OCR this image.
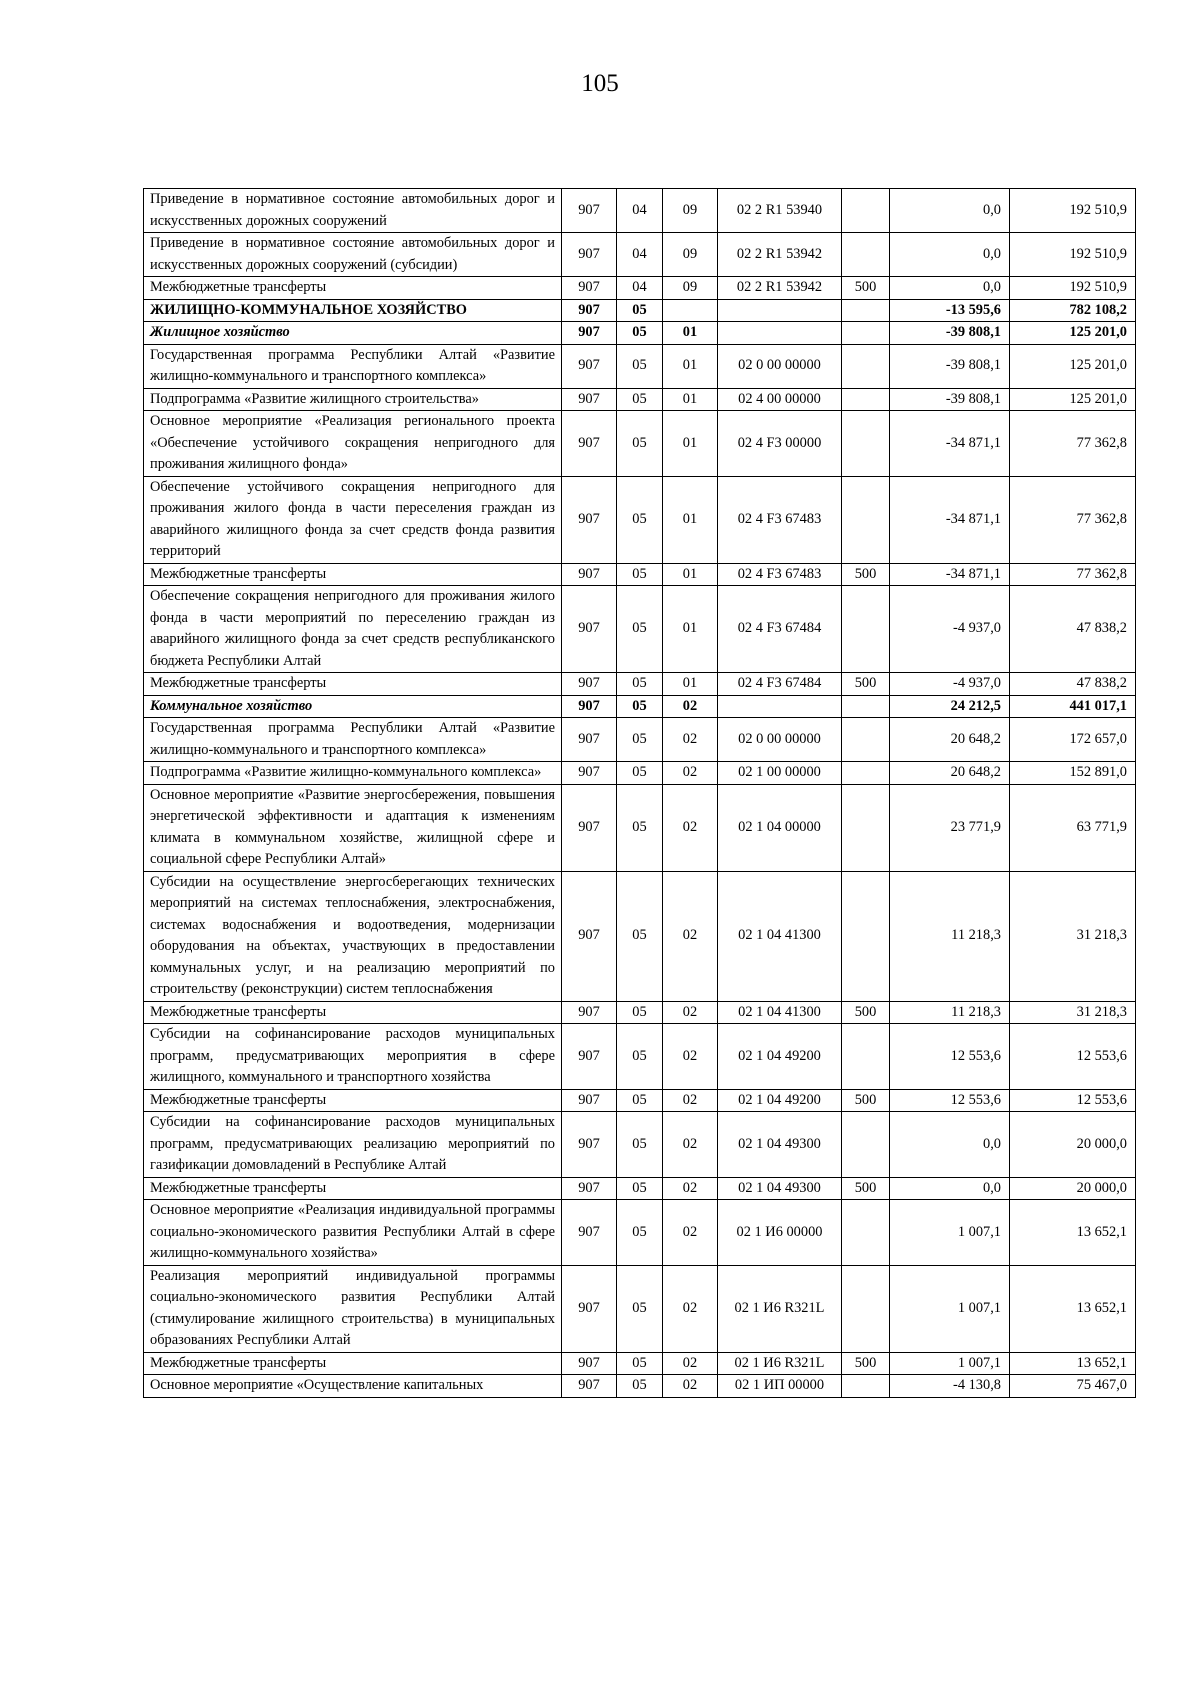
105
Приведение в нормативное состояние автомобильных дорог и искусственных дорожных сооружений	907	04	09	02 2 R1 53940		0,0	192 510,9
Приведение в нормативное состояние автомобильных дорог и искусственных дорожных сооружений (субсидии)	907	04	09	02 2 R1 53942		0,0	192 510,9
Межбюджетные трансферты	907	04	09	02 2 R1 53942	500	0,0	192 510,9
ЖИЛИЩНО-КОММУНАЛЬНОЕ ХОЗЯЙСТВО	907	05				-13 595,6	782 108,2
Жилищное хозяйство	907	05	01			-39 808,1	125 201,0
Государственная программа Республики Алтай «Развитие жилищно-коммунального и транспортного комплекса»	907	05	01	02 0 00 00000		-39 808,1	125 201,0
Подпрограмма «Развитие жилищного строительства»	907	05	01	02 4 00 00000		-39 808,1	125 201,0
Основное мероприятие «Реализация регионального проекта «Обеспечение устойчивого сокращения непригодного для проживания жилищного фонда»	907	05	01	02 4 F3 00000		-34 871,1	77 362,8
Обеспечение устойчивого сокращения непригодного для проживания жилого фонда в части переселения граждан из аварийного жилищного фонда за счет средств фонда развития территорий	907	05	01	02 4 F3 67483		-34 871,1	77 362,8
Межбюджетные трансферты	907	05	01	02 4 F3 67483	500	-34 871,1	77 362,8
Обеспечение сокращения непригодного для проживания жилого фонда в части мероприятий по переселению граждан из аварийного жилищного фонда за счет средств республиканского бюджета Республики Алтай	907	05	01	02 4 F3 67484		-4 937,0	47 838,2
Межбюджетные трансферты	907	05	01	02 4 F3 67484	500	-4 937,0	47 838,2
Коммунальное хозяйство	907	05	02			24 212,5	441 017,1
Государственная программа Республики Алтай «Развитие жилищно-коммунального и транспортного комплекса»	907	05	02	02 0 00 00000		20 648,2	172 657,0
Подпрограмма «Развитие жилищно-коммунального комплекса»	907	05	02	02 1 00 00000		20 648,2	152 891,0
Основное мероприятие «Развитие энергосбережения, повышения энергетической эффективности и адаптация к изменениям климата в коммунальном хозяйстве, жилищной сфере и социальной сфере Республики Алтай»	907	05	02	02 1 04 00000		23 771,9	63 771,9
Субсидии на осуществление энергосберегающих технических мероприятий на системах теплоснабжения, электроснабжения, системах водоснабжения и водоотведения, модернизации оборудования на объектах, участвующих в предоставлении коммунальных услуг, и на реализацию мероприятий по строительству (реконструкции) систем теплоснабжения	907	05	02	02 1 04 41300		11 218,3	31 218,3
Межбюджетные трансферты	907	05	02	02 1 04 41300	500	11 218,3	31 218,3
Субсидии на софинансирование расходов муниципальных программ, предусматривающих мероприятия в сфере жилищного, коммунального и транспортного хозяйства	907	05	02	02 1 04 49200		12 553,6	12 553,6
Межбюджетные трансферты	907	05	02	02 1 04 49200	500	12 553,6	12 553,6
Субсидии на софинансирование расходов муниципальных программ, предусматривающих реализацию мероприятий по газификации домовладений в Республике Алтай	907	05	02	02 1 04 49300		0,0	20 000,0
Межбюджетные трансферты	907	05	02	02 1 04 49300	500	0,0	20 000,0
Основное мероприятие «Реализация индивидуальной программы социально-экономического развития Республики Алтай в сфере жилищно-коммунального хозяйства»	907	05	02	02 1 И6 00000		1 007,1	13 652,1
Реализация мероприятий индивидуальной программы социально-экономического развития Республики Алтай (стимулирование жилищного строительства) в муниципальных образованиях Республики Алтай	907	05	02	02 1 И6 R321L		1 007,1	13 652,1
Межбюджетные трансферты	907	05	02	02 1 И6 R321L	500	1 007,1	13 652,1
Основное мероприятие «Осуществление капитальных	907	05	02	02 1 ИП 00000		-4 130,8	75 467,0
